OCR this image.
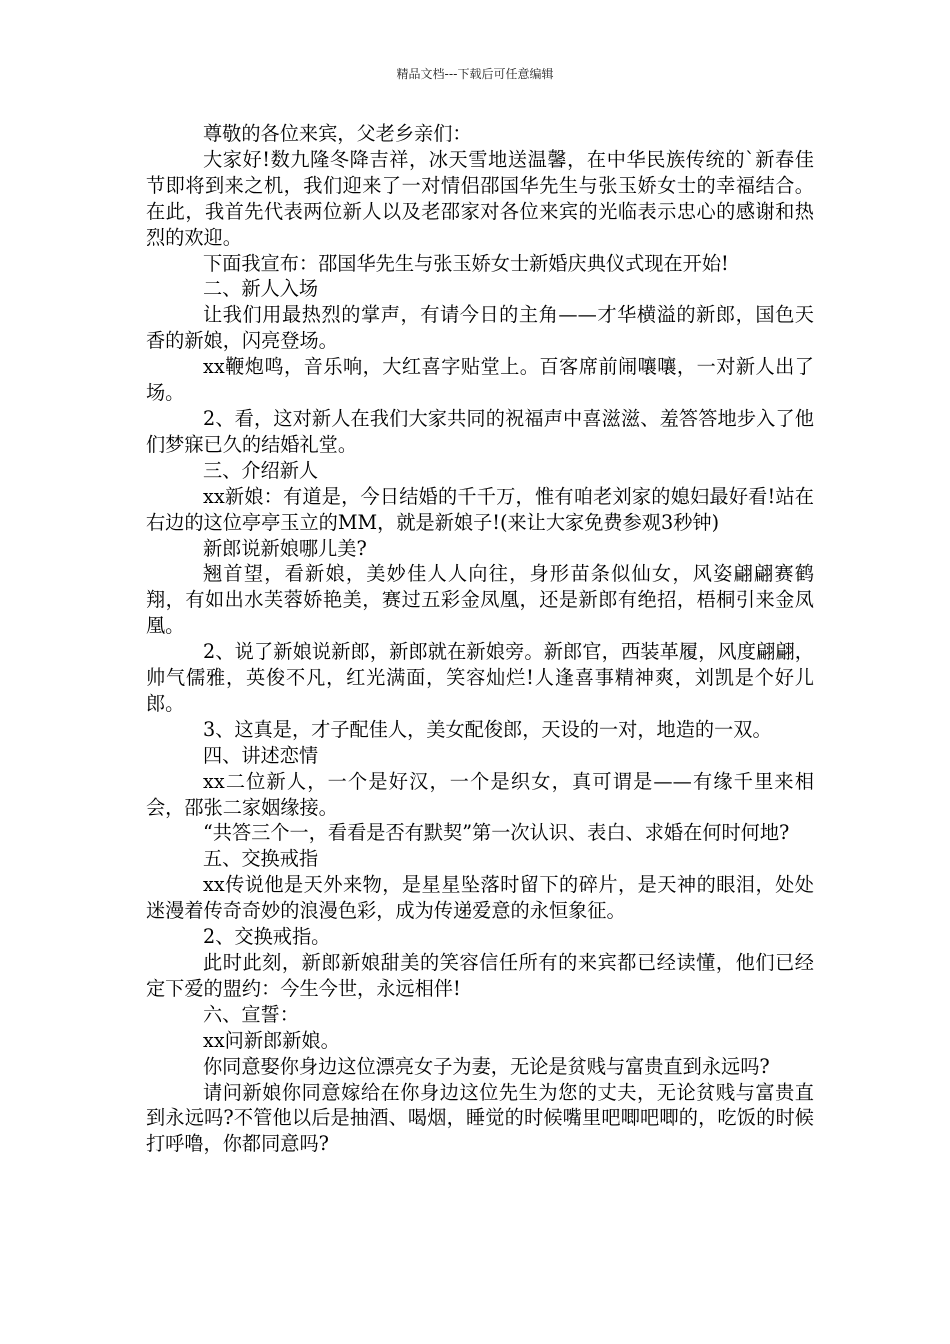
精品文档---下载后可任意编辑

尊敬的各位来宾，父老乡亲们：

大家好!数九隆冬降吉祥，冰天雪地送温馨，在中华民族传统的`新春佳节即将到来之机，我们迎来了一对情侣邵国华先生与张玉娇女士的幸福结合。在此，我首先代表两位新人以及老邵家对各位来宾的光临表示忠心的感谢和热烈的欢迎。

下面我宣布：邵国华先生与张玉娇女士新婚庆典仪式现在开始!

二、新人入场

让我们用最热烈的掌声，有请今日的主角——才华横溢的新郎，国色天香的新娘，闪亮登场。

xx鞭炮鸣，音乐响，大红喜字贴堂上。百客席前闹嚷嚷，一对新人出了场。

2、看，这对新人在我们大家共同的祝福声中喜滋滋、羞答答地步入了他们梦寐已久的结婚礼堂。

三、介绍新人

xx新娘：有道是，今日结婚的千千万，惟有咱老刘家的媳妇最好看!站在右边的这位亭亭玉立的MM，就是新娘子!(来让大家免费参观3秒钟)

新郎说新娘哪儿美?

翘首望，看新娘，美妙佳人人向往，身形苗条似仙女，风姿翩翩赛鹤翔，有如出水芙蓉娇艳美，赛过五彩金凤凰，还是新郎有绝招，梧桐引来金凤凰。

2、说了新娘说新郎，新郎就在新娘旁。新郎官，西装革履，风度翩翩，帅气儒雅，英俊不凡，红光满面，笑容灿烂!人逢喜事精神爽，刘凯是个好儿郎。

3、这真是，才子配佳人，美女配俊郎，天设的一对，地造的一双。

四、讲述恋情

xx二位新人，一个是好汉，一个是织女，真可谓是——有缘千里来相会，邵张二家姻缘接。

“共答三个一，看看是否有默契”第一次认识、表白、求婚在何时何地?

五、交换戒指

xx传说他是天外来物，是星星坠落时留下的碎片，是天神的眼泪，处处迷漫着传奇奇妙的浪漫色彩，成为传递爱意的永恒象征。

2、交换戒指。

此时此刻，新郎新娘甜美的笑容信任所有的来宾都已经读懂，他们已经定下爱的盟约：今生今世，永远相伴!

六、宣誓：

xx问新郎新娘。

你同意娶你身边这位漂亮女子为妻，无论是贫贱与富贵直到永远吗?

请问新娘你同意嫁给在你身边这位先生为您的丈夫，无论贫贱与富贵直到永远吗?不管他以后是抽酒、喝烟，睡觉的时候嘴里吧唧吧唧的，吃饭的时候打呼噜，你都同意吗?
